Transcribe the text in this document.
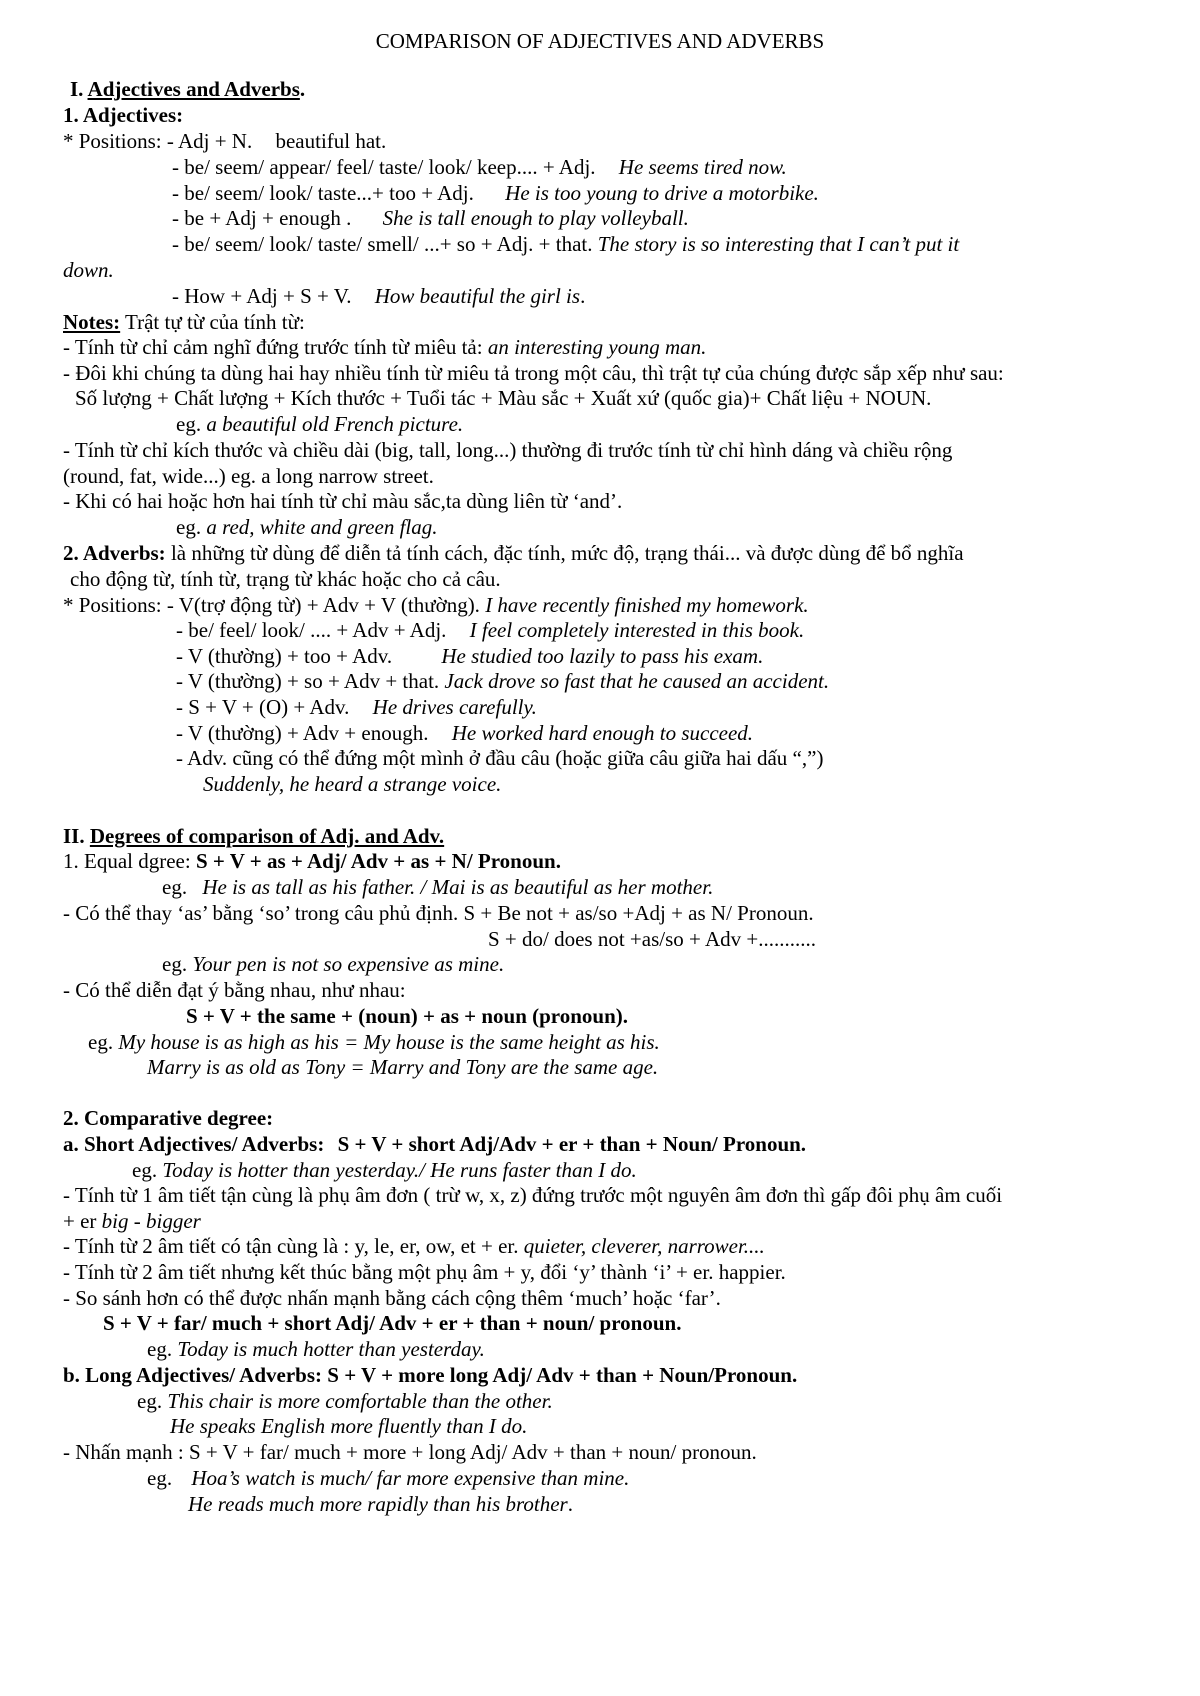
COMPARISON OF ADJECTIVES AND ADVERBS
I. Adjectives and Adverbs.
1. Adjectives:
* Positions: - Adj + N. beautiful hat.
- be/ seem/ appear/ feel/ taste/ look/ keep.... + Adj. He seems tired now.
- be/ seem/ look/ taste...+ too + Adj. He is too young to drive a motorbike.
- be + Adj + enough . She is tall enough to play volleyball.
- be/ seem/ look/ taste/ smell/ ...+ so + Adj. + that. The story is so interesting that I can’t put it
down.
- How + Adj + S + V. How beautiful the girl is.
Notes: Trật tự từ của tính từ:
- Tính từ chỉ cảm nghĩ đứng trước tính từ miêu tả: an interesting young man.
- Đôi khi chúng ta dùng hai hay nhiều tính từ miêu tả trong một câu, thì trật tự của chúng được sắp xếp như sau:
Số lượng + Chất lượng + Kích thước + Tuổi tác + Màu sắc + Xuất xứ (quốc gia)+ Chất liệu + NOUN.
eg. a beautiful old French picture.
- Tính từ chỉ kích thước và chiều dài (big, tall, long...) thường đi trước tính từ chỉ hình dáng và chiều rộng
(round, fat, wide...) eg. a long narrow street.
- Khi có hai hoặc hơn hai tính từ chỉ màu sắc,ta dùng liên từ ‘and’.
eg. a red, white and green flag.
2. Adverbs: là những từ dùng để diễn tả tính cách, đặc tính, mức độ, trạng thái... và được dùng để bổ nghĩa
cho động từ, tính từ, trạng từ khác hoặc cho cả câu.
* Positions: - V(trợ động từ) + Adv + V (thường). I have recently finished my homework.
- be/ feel/ look/ .... + Adv + Adj. I feel completely interested in this book.
- V (thường) + too + Adv. He studied too lazily to pass his exam.
- V (thường) + so + Adv + that. Jack drove so fast that he caused an accident.
- S + V + (O) + Adv. He drives carefully.
- V (thường) + Adv + enough. He worked hard enough to succeed.
- Adv. cũng có thể đứng một mình ở đầu câu (hoặc giữa câu giữa hai dấu “,”)
Suddenly, he heard a strange voice.
II. Degrees of comparison of Adj. and Adv.
1. Equal dgree: S + V + as + Adj/ Adv + as + N/ Pronoun.
eg. He is as tall as his father. / Mai is as beautiful as her mother.
- Có thể thay ‘as’ bằng ‘so’ trong câu phủ định. S + Be not + as/so +Adj + as N/ Pronoun.
S + do/ does not +as/so + Adv +...........
eg. Your pen is not so expensive as mine.
- Có thể diễn đạt ý bằng nhau, như nhau:
S + V + the same + (noun) + as + noun (pronoun).
eg. My house is as high as his = My house is the same height as his.
Marry is as old as Tony = Marry and Tony are the same age.
2. Comparative degree:
a. Short Adjectives/ Adverbs: S + V + short Adj/Adv + er + than + Noun/ Pronoun.
eg. Today is hotter than yesterday./ He runs faster than I do.
- Tính từ 1 âm tiết tận cùng là phụ âm đơn ( trừ w, x, z) đứng trước một nguyên âm đơn thì gấp đôi phụ âm cuối
+ er big - bigger
- Tính từ 2 âm tiết có tận cùng là : y, le, er, ow, et + er. quieter, cleverer, narrower....
- Tính từ 2 âm tiết nhưng kết thúc bằng một phụ âm + y, đổi ‘y’ thành ‘i’ + er. happier.
- So sánh hơn có thể được nhấn mạnh bằng cách cộng thêm ‘much’ hoặc ‘far’.
S + V + far/ much + short Adj/ Adv + er + than + noun/ pronoun.
eg. Today is much hotter than yesterday.
b. Long Adjectives/ Adverbs: S + V + more long Adj/ Adv + than + Noun/Pronoun.
eg. This chair is more comfortable than the other.
He speaks English more fluently than I do.
- Nhấn mạnh : S + V + far/ much + more + long Adj/ Adv + than + noun/ pronoun.
eg. Hoa’s watch is much/ far more expensive than mine.
He reads much more rapidly than his brother.
